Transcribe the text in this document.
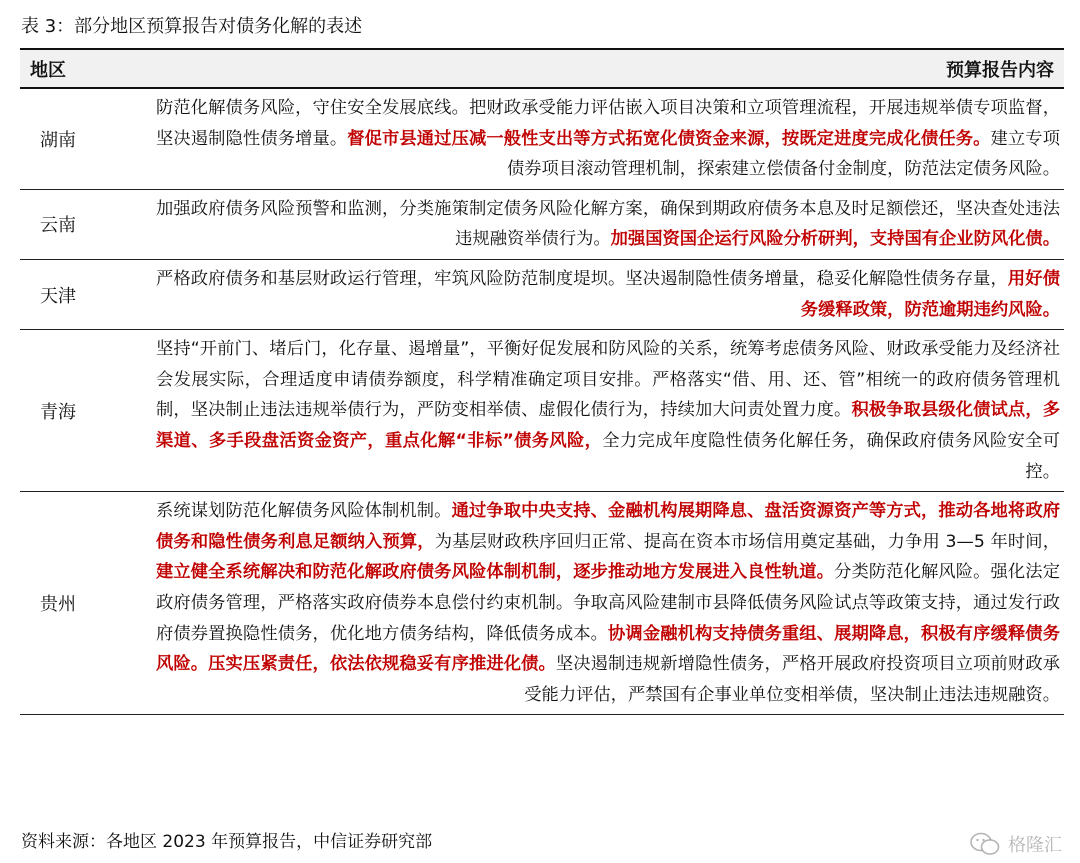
表 3：部分地区预算报告对债务化解的表述
地区	预算报告内容
湖南	防范化解债务风险，守住安全发展底线。把财政承受能力评估嵌入项目决策和立项管理流程，开展违规举债专项监督，坚决遏制隐性债务增量。督促市县通过压减一般性支出等方式拓宽化债资金来源，按既定进度完成化债任务。建立专项债券项目滚动管理机制，探索建立偿债备付金制度，防范法定债务风险。
云南	加强政府债务风险预警和监测，分类施策制定债务风险化解方案，确保到期政府债务本息及时足额偿还，坚决查处违法违规融资举债行为。加强国资国企运行风险分析研判，支持国有企业防风化债。
天津	严格政府债务和基层财政运行管理，牢筑风险防范制度堤坝。坚决遏制隐性债务增量，稳妥化解隐性债务存量，用好债务缓释政策，防范逾期违约风险。
青海	坚持“开前门、堵后门，化存量、遏增量”，平衡好促发展和防风险的关系，统筹考虑债务风险、财政承受能力及经济社会发展实际，合理适度申请债券额度，科学精准确定项目安排。严格落实“借、用、还、管”相统一的政府债务管理机制，坚决制止违法违规举债行为，严防变相举债、虚假化债行为，持续加大问责处置力度。积极争取县级化债试点，多渠道、多手段盘活资金资产，重点化解“非标”债务风险，全力完成年度隐性债务化解任务，确保政府债务风险安全可控。
贵州	系统谋划防范化解债务风险体制机制。通过争取中央支持、金融机构展期降息、盘活资源资产等方式，推动各地将政府债务和隐性债务利息足额纳入预算，为基层财政秩序回归正常、提高在资本市场信用奠定基础，力争用 3—5 年时间，建立健全系统解决和防范化解政府债务风险体制机制，逐步推动地方发展进入良性轨道。分类防范化解风险。强化法定政府债务管理，严格落实政府债券本息偿付约束机制。争取高风险建制市县降低债务风险试点等政策支持，通过发行政府债券置换隐性债务，优化地方债务结构，降低债务成本。协调金融机构支持债务重组、展期降息，积极有序缓释债务风险。压实压紧责任，依法依规稳妥有序推进化债。坚决遏制违规新增隐性债务，严格开展政府投资项目立项前财政承受能力评估，严禁国有企事业单位变相举债，坚决制止违法违规融资。
资料来源：各地区 2023 年预算报告，中信证券研究部	格隆汇
